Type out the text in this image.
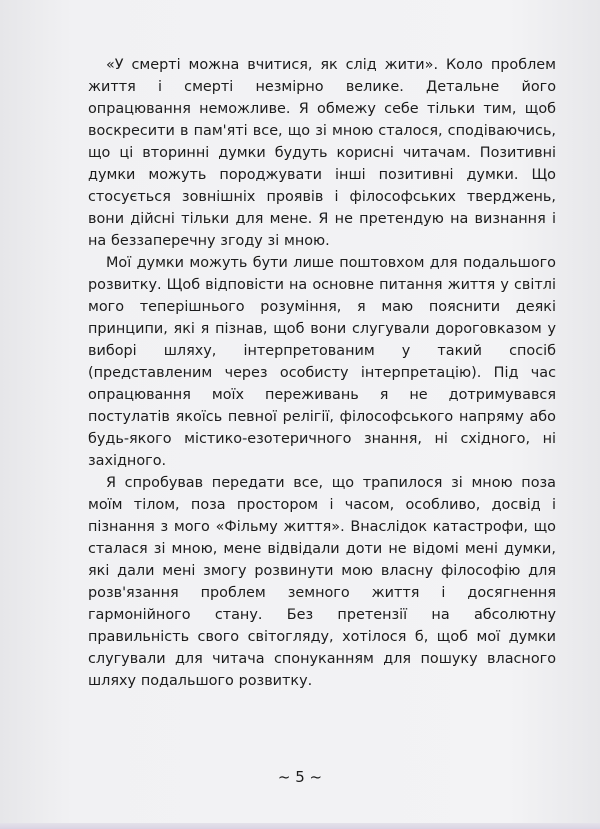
«У смерті можна вчитися, як слід жити». Коло проблем життя і смерті незмірно велике. Детальне його опрацювання неможливе. Я обмежу себе тільки тим, щоб воскресити в пам'яті все, що зі мною сталося, сподіваючись, що ці вторинні думки будуть корисні читачам. Позитивні думки можуть породжувати інші позитивні думки. Що стосується зовнішніх проявів і філософських тверджень, вони дійсні тільки для мене. Я не претендую на визнання і на беззаперечну згоду зі мною.

Мої думки можуть бути лише поштовхом для подальшого розвитку. Щоб відповісти на основне питання життя у світлі мого теперішнього розуміння, я маю пояснити деякі принципи, які я пізнав, щоб вони слугували дороговказом у виборі шляху, інтерпретованим у такий спосіб (представленим через особисту інтерпретацію). Під час опрацювання моїх переживань я не дотримувався постулатів якоїсь певної релігії, філософського напряму або будь-якого містико-езотеричного знання, ні східного, ні західного.

Я спробував передати все, що трапилося зі мною поза моїм тілом, поза простором і часом, особливо, досвід і пізнання з мого «Фільму життя». Внаслідок катастрофи, що сталася зі мною, мене відвідали доти не відомі мені думки, які дали мені змогу розвинути мою власну філософію для розв'язання проблем земного життя і досягнення гармонійного стану. Без претензії на абсолютну правильність свого світогляду, хотілося б, щоб мої думки слугували для читача спонуканням для пошуку власного шляху подальшого розвитку.

~ 5 ~
